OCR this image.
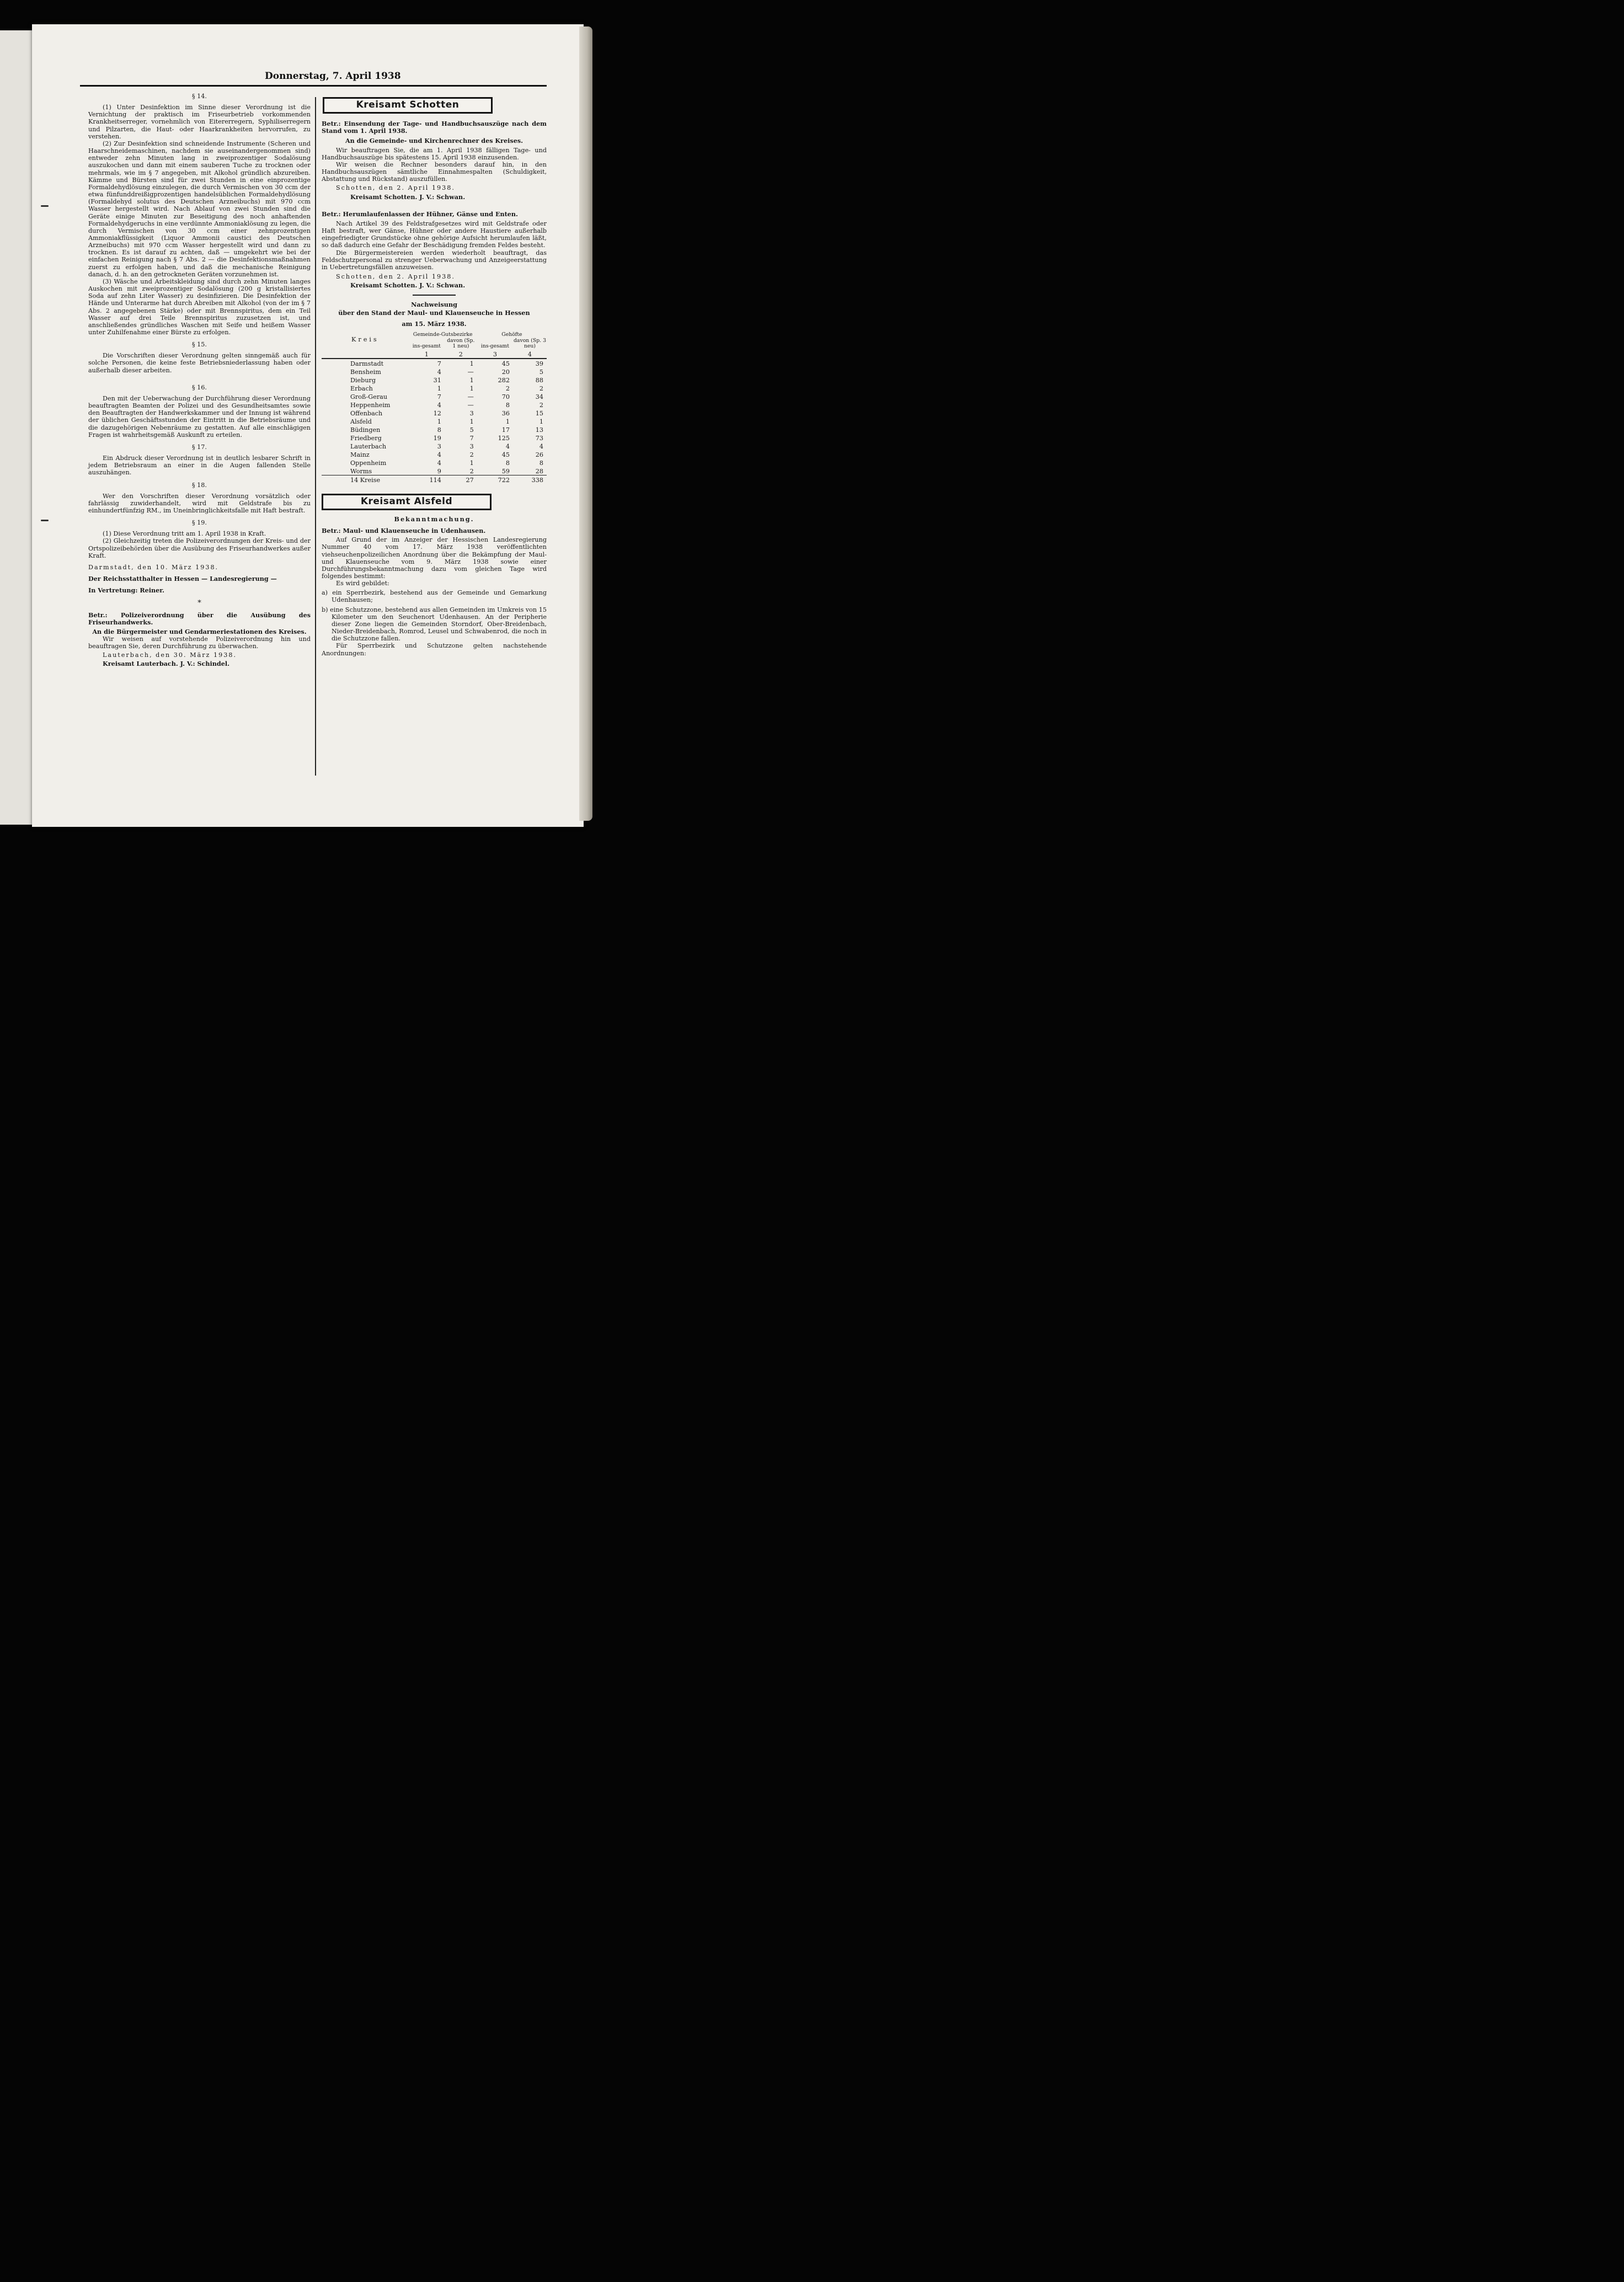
Donnerstag, 7. April 1938
§ 14.

(1) Unter Desinfektion im Sinne dieser Verordnung ist die Vernichtung der praktisch im Friseurbetrieb vorkommenden Krankheitserreger, vornehmlich von Eitererregern, Syphiliserregern und Pilzarten, die Haut- oder Haarkrankheiten hervorrufen, zu verstehen.

(2) Zur Desinfektion sind schneidende Instrumente (Scheren und Haarschneidemaschinen, nachdem sie auseinandergenommen sind) entweder zehn Minuten lang in zweiprozentiger Sodalösung auszukochen und dann mit einem sauberen Tuche zu trocknen oder mehrmals, wie im § 7 angegeben, mit Alkohol gründlich abzureiben. Kämme und Bürsten sind für zwei Stunden in eine einprozentige Formaldehydlösung einzulegen, die durch Vermischen von 30 ccm der etwa fünfunddreißigprozentigen handelsüblichen Formaldehydlösung (Formaldehyd solutus des Deutschen Arzneibuchs) mit 970 ccm Wasser hergestellt wird. Nach Ablauf von zwei Stunden sind die Geräte einige Minuten zur Beseitigung des noch anhaftenden Formaldehydgeruchs in eine verdünnte Ammoniaklösung zu legen, die durch Vermischen von 30 ccm einer zehnprozentigen Ammoniakflüssigkeit (Liquor Ammonii caustici des Deutschen Arzneibuchs) mit 970 ccm Wasser hergestellt wird und dann zu trocknen. Es ist darauf zu achten, daß — umgekehrt wie bei der einfachen Reinigung nach § 7 Abs. 2 — die Desinfektionsmaßnahmen zuerst zu erfolgen haben, und daß die mechanische Reinigung danach, d. h. an den getrockneten Geräten vorzunehmen ist.

(3) Wäsche und Arbeitskleidung sind durch zehn Minuten langes Auskochen mit zweiprozentiger Sodalösung (200 g kristallisiertes Soda auf zehn Liter Wasser) zu desinfizieren. Die Desinfektion der Hände und Unterarme hat durch Abreiben mit Alkohol (von der im § 7 Abs. 2 angegebenen Stärke) oder mit Brennspiritus, dem ein Teil Wasser auf drei Teile Brennspiritus zuzusetzen ist, und anschließendes gründliches Waschen mit Seife und heißem Wasser unter Zuhilfenahme einer Bürste zu erfolgen.

§ 15.

Die Vorschriften dieser Verordnung gelten sinngemäß auch für solche Personen, die keine feste Betriebsniederlassung haben oder außerhalb dieser arbeiten.

§ 16.

Den mit der Ueberwachung der Durchführung dieser Verordnung beauftragten Beamten der Polizei und des Gesundheitsamtes sowie den Beauftragten der Handwerkskammer und der Innung ist während der üblichen Geschäftsstunden der Eintritt in die Betriebsräume und die dazugehörigen Nebenräume zu gestatten. Auf alle einschlägigen Fragen ist wahrheitsgemäß Auskunft zu erteilen.

§ 17.

Ein Abdruck dieser Verordnung ist in deutlich lesbarer Schrift in jedem Betriebsraum an einer in die Augen fallenden Stelle auszuhängen.

§ 18.

Wer den Vorschriften dieser Verordnung vorsätzlich oder fahrlässig zuwiderhandelt, wird mit Geldstrafe bis zu einhundertfünfzig RM., im Uneinbringlichkeitsfalle mit Haft bestraft.

§ 19.

(1) Diese Verordnung tritt am 1. April 1938 in Kraft.

(2) Gleichzeitig treten die Polizeiverordnungen der Kreis- und der Ortspolizeibehörden über die Ausübung des Friseurhandwerkes außer Kraft.

Darmstadt, den 10. März 1938.

Der Reichsstatthalter in Hessen — Landesregierung —

In Vertretung: Reiner.

*

Betr.: Polizeiverordnung über die Ausübung des Friseurhandwerks.

An die Bürgermeister und Gendarmeriestationen des Kreises.

Wir weisen auf vorstehende Polizeiverordnung hin und beauftragen Sie, deren Durchführung zu überwachen.

Lauterbach, den 30. März 1938.

Kreisamt Lauterbach. J. V.: Schindel.

Kreisamt Schotten

Betr.: Einsendung der Tage- und Handbuchsauszüge nach dem Stand vom 1. April 1938.

An die Gemeinde- und Kirchenrechner des Kreises.

Wir beauftragen Sie, die am 1. April 1938 fälligen Tage- und Handbuchsauszüge bis spätestens 15. April 1938 einzusenden.

Wir weisen die Rechner besonders darauf hin, in den Handbuchsauszügen sämtliche Einnahmespalten (Schuldigkeit, Abstattung und Rückstand) auszufüllen.

Schotten, den 2. April 1938.

Kreisamt Schotten. J. V.: Schwan.

Betr.: Herumlaufenlassen der Hühner, Gänse und Enten.

Nach Artikel 39 des Feldstrafgesetzes wird mit Geldstrafe oder Haft bestraft, wer Gänse, Hühner oder andere Haustiere außerhalb eingefriedigter Grundstücke ohne gehörige Aufsicht herumlaufen läßt, so daß dadurch eine Gefahr der Beschädigung fremden Feldes besteht.

Die Bürgermeistereien werden wiederholt beauftragt, das Feldschutzpersonal zu strenger Ueberwachung und Anzeigeerstattung in Uebertretungsfällen anzuweisen.

Schotten, den 2. April 1938.

Kreisamt Schotten. J. V.: Schwan.

Nachweisung

über den Stand der Maul- und Klauenseuche in Hessen

am 15. März 1938.

Kreis	Gemeinde-Gutsbezirke		Gehöfte	
	ins-gesamt	davon (Sp. 1 neu)	ins-gesamt	davon (Sp. 3 neu)
	1	2	3	4
Darmstadt	7	1	45	39
Bensheim	4	—	20	5
Dieburg	31	1	282	88
Erbach	1	1	2	2
Groß-Gerau	7	—	70	34
Heppenheim	4	—	8	2
Offenbach	12	3	36	15
Alsfeld	1	1	1	1
Büdingen	8	5	17	13
Friedberg	19	7	125	73
Lauterbach	3	3	4	4
Mainz	4	2	45	26
Oppenheim	4	1	8	8
Worms	9	2	59	28
14 Kreise	114	27	722	338
Kreisamt Alsfeld

Bekanntmachung.

Betr.: Maul- und Klauenseuche in Udenhausen.

Auf Grund der im Anzeiger der Hessischen Landesregierung Nummer 40 vom 17. März 1938 veröffentlichten viehseuchenpolizeilichen Anordnung über die Bekämpfung der Maul- und Klauenseuche vom 9. März 1938 sowie einer Durchführungsbekanntmachung dazu vom gleichen Tage wird folgendes bestimmt:

Es wird gebildet:

a) ein Sperrbezirk, bestehend aus der Gemeinde und Gemarkung Udenhausen;

b) eine Schutzzone, bestehend aus allen Gemeinden im Umkreis von 15 Kilometer um den Seuchenort Udenhausen. An der Peripherie dieser Zone liegen die Gemeinden Storndorf, Ober-Breidenbach, Nieder-Breidenbach, Romrod, Leusel und Schwabenrod, die noch in die Schutzzone fallen.

Für Sperrbezirk und Schutzzone gelten nachstehende Anordnungen:
